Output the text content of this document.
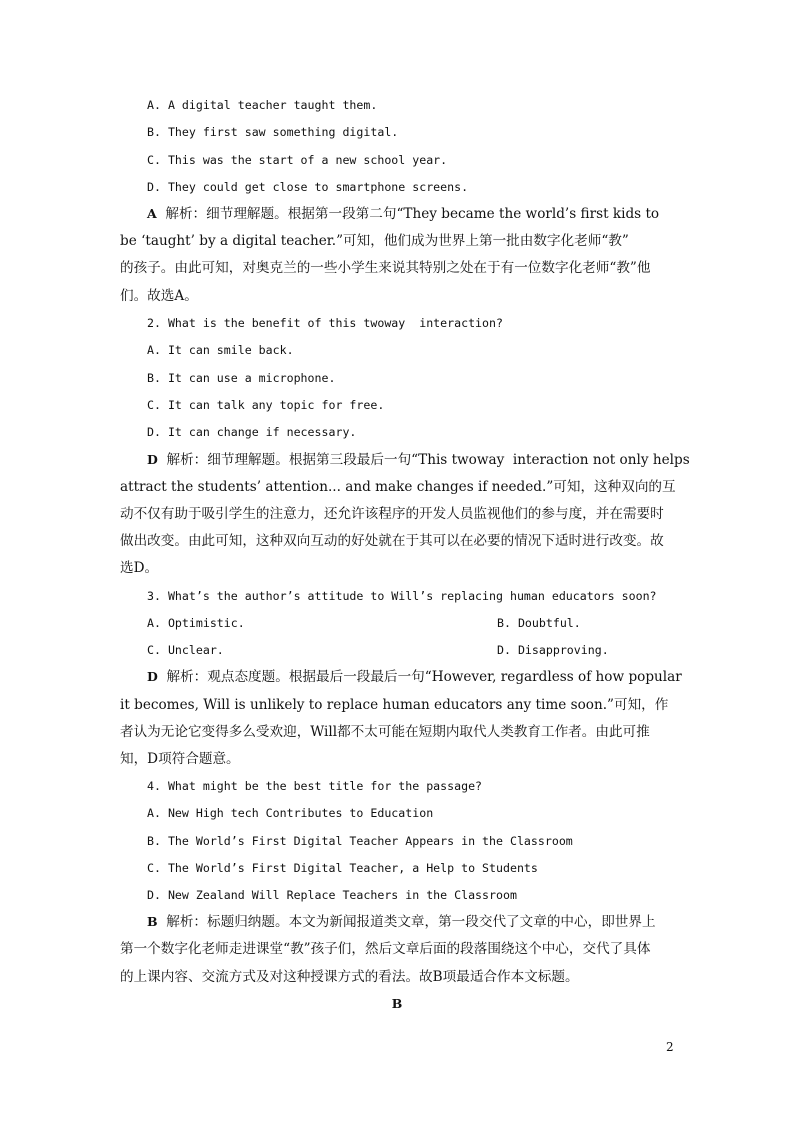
A. A digital teacher taught them.
B. They first saw something digital.
C. This was the start of a new school year.
D. They could get close to smartphone screens.
A  解析：细节理解题。根据第一段第二句“They became the world’s first kids to
be ‘taught’ by a digital teacher.”可知，他们成为世界上第一批由数字化老师“教”
的孩子。由此可知，对奥克兰的一些小学生来说其特别之处在于有一位数字化老师“教”他
们。故选A。
2. What is the benefit of this twoway  interaction?
A. It can smile back.
B. It can use a microphone.
C. It can talk any topic for free.
D. It can change if necessary.
D  解析：细节理解题。根据第三段最后一句“This twoway  interaction not only helps
attract the students’ attention... and make changes if needed.”可知，这种双向的互
动不仅有助于吸引学生的注意力，还允许该程序的开发人员监视他们的参与度，并在需要时
做出改变。由此可知，这种双向互动的好处就在于其可以在必要的情况下适时进行改变。故
选D。
3. What’s the author’s attitude to Will’s replacing human educators soon?
A. Optimistic.	B. Doubtful.
C. Unclear.	D. Disapproving.
D  解析：观点态度题。根据最后一段最后一句“However, regardless of how popular
it becomes, Will is unlikely to replace human educators any time soon.”可知，作
者认为无论它变得多么受欢迎，Will都不太可能在短期内取代人类教育工作者。由此可推
知，D项符合题意。
4. What might be the best title for the passage?
A. New High tech Contributes to Education
B. The World’s First Digital Teacher Appears in the Classroom
C. The World’s First Digital Teacher, a Help to Students
D. New Zealand Will Replace Teachers in the Classroom
B  解析：标题归纳题。本文为新闻报道类文章，第一段交代了文章的中心，即世界上
第一个数字化老师走进课堂“教”孩子们，然后文章后面的段落围绕这个中心，交代了具体
的上课内容、交流方式及对这种授课方式的看法。故B项最适合作本文标题。
B
2
